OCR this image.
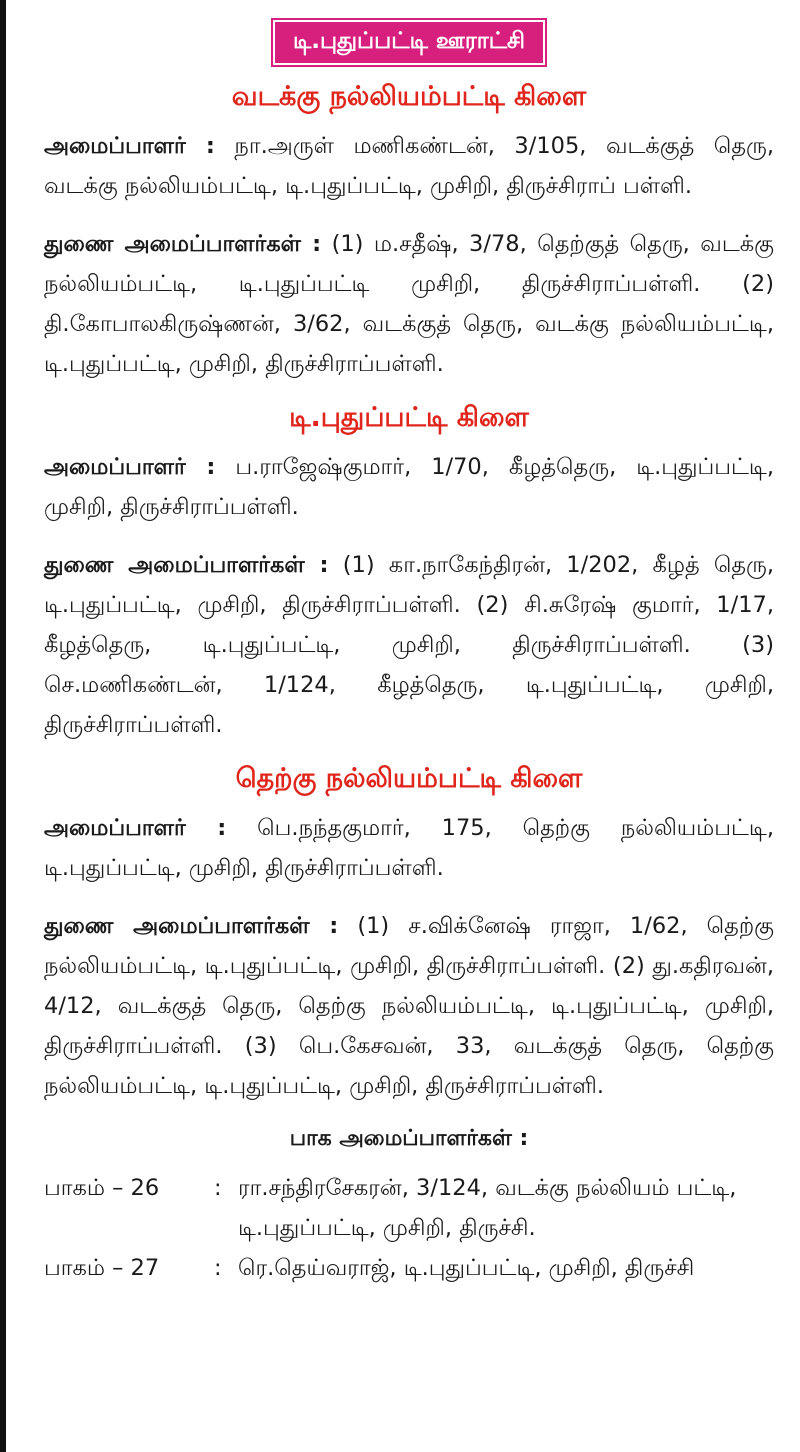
டி.புதுப்பட்டி ஊராட்சி
வடக்கு நல்லியம்பட்டி கிளை

அமைப்பாளர் : நா.அருள் மணிகண்டன், 3/105, வடக்குத் தெரு, வடக்கு நல்லியம்பட்டி, டி.புதுப்பட்டி, முசிறி, திருச்சிராப் பள்ளி.

துணை அமைப்பாளர்கள் : (1) ம.சதீஷ், 3/78, தெற்குத் தெரு, வடக்கு நல்லியம்பட்டி, டி.புதுப்பட்டி முசிறி, திருச்சிராப்பள்ளி. (2) தி.கோபாலகிருஷ்ணன், 3/62, வடக்குத் தெரு, வடக்கு நல்லியம்பட்டி, டி.புதுப்பட்டி, முசிறி, திருச்சிராப்பள்ளி.

டி.புதுப்பட்டி கிளை

அமைப்பாளர் : ப.ராஜேஷ்குமார், 1/70, கீழத்தெரு, டி.புதுப்பட்டி, முசிறி, திருச்சிராப்பள்ளி.

துணை அமைப்பாளர்கள் : (1) கா.நாகேந்திரன், 1/202, கீழத் தெரு, டி.புதுப்பட்டி, முசிறி, திருச்சிராப்பள்ளி. (2) சி.சுரேஷ் குமார், 1/17, கீழத்தெரு, டி.புதுப்பட்டி, முசிறி, திருச்சிராப்பள்ளி. (3) செ.மணிகண்டன், 1/124, கீழத்தெரு, டி.புதுப்பட்டி, முசிறி, திருச்சிராப்பள்ளி.

தெற்கு நல்லியம்பட்டி கிளை

அமைப்பாளர் : பெ.நந்தகுமார், 175, தெற்கு நல்லியம்பட்டி, டி.புதுப்பட்டி, முசிறி, திருச்சிராப்பள்ளி.

துணை அமைப்பாளர்கள் : (1) ச.விக்னேஷ் ராஜா, 1/62, தெற்கு நல்லியம்பட்டி, டி.புதுப்பட்டி, முசிறி, திருச்சிராப்பள்ளி. (2) து.கதிரவன், 4/12, வடக்குத் தெரு, தெற்கு நல்லியம்பட்டி, டி.புதுப்பட்டி, முசிறி, திருச்சிராப்பள்ளி. (3) பெ.கேசவன், 33, வடக்குத் தெரு, தெற்கு நல்லியம்பட்டி, டி.புதுப்பட்டி, முசிறி, திருச்சிராப்பள்ளி.

பாக அமைப்பாளர்கள் :
பாகம் – 26	: ரா.சந்திரசேகரன், 3/124, வடக்கு நல்லியம் பட்டி, டி.புதுப்பட்டி, முசிறி, திருச்சி.
பாகம் – 27	: ரெ.தெய்வராஜ், டி.புதுப்பட்டி, முசிறி, திருச்சி
